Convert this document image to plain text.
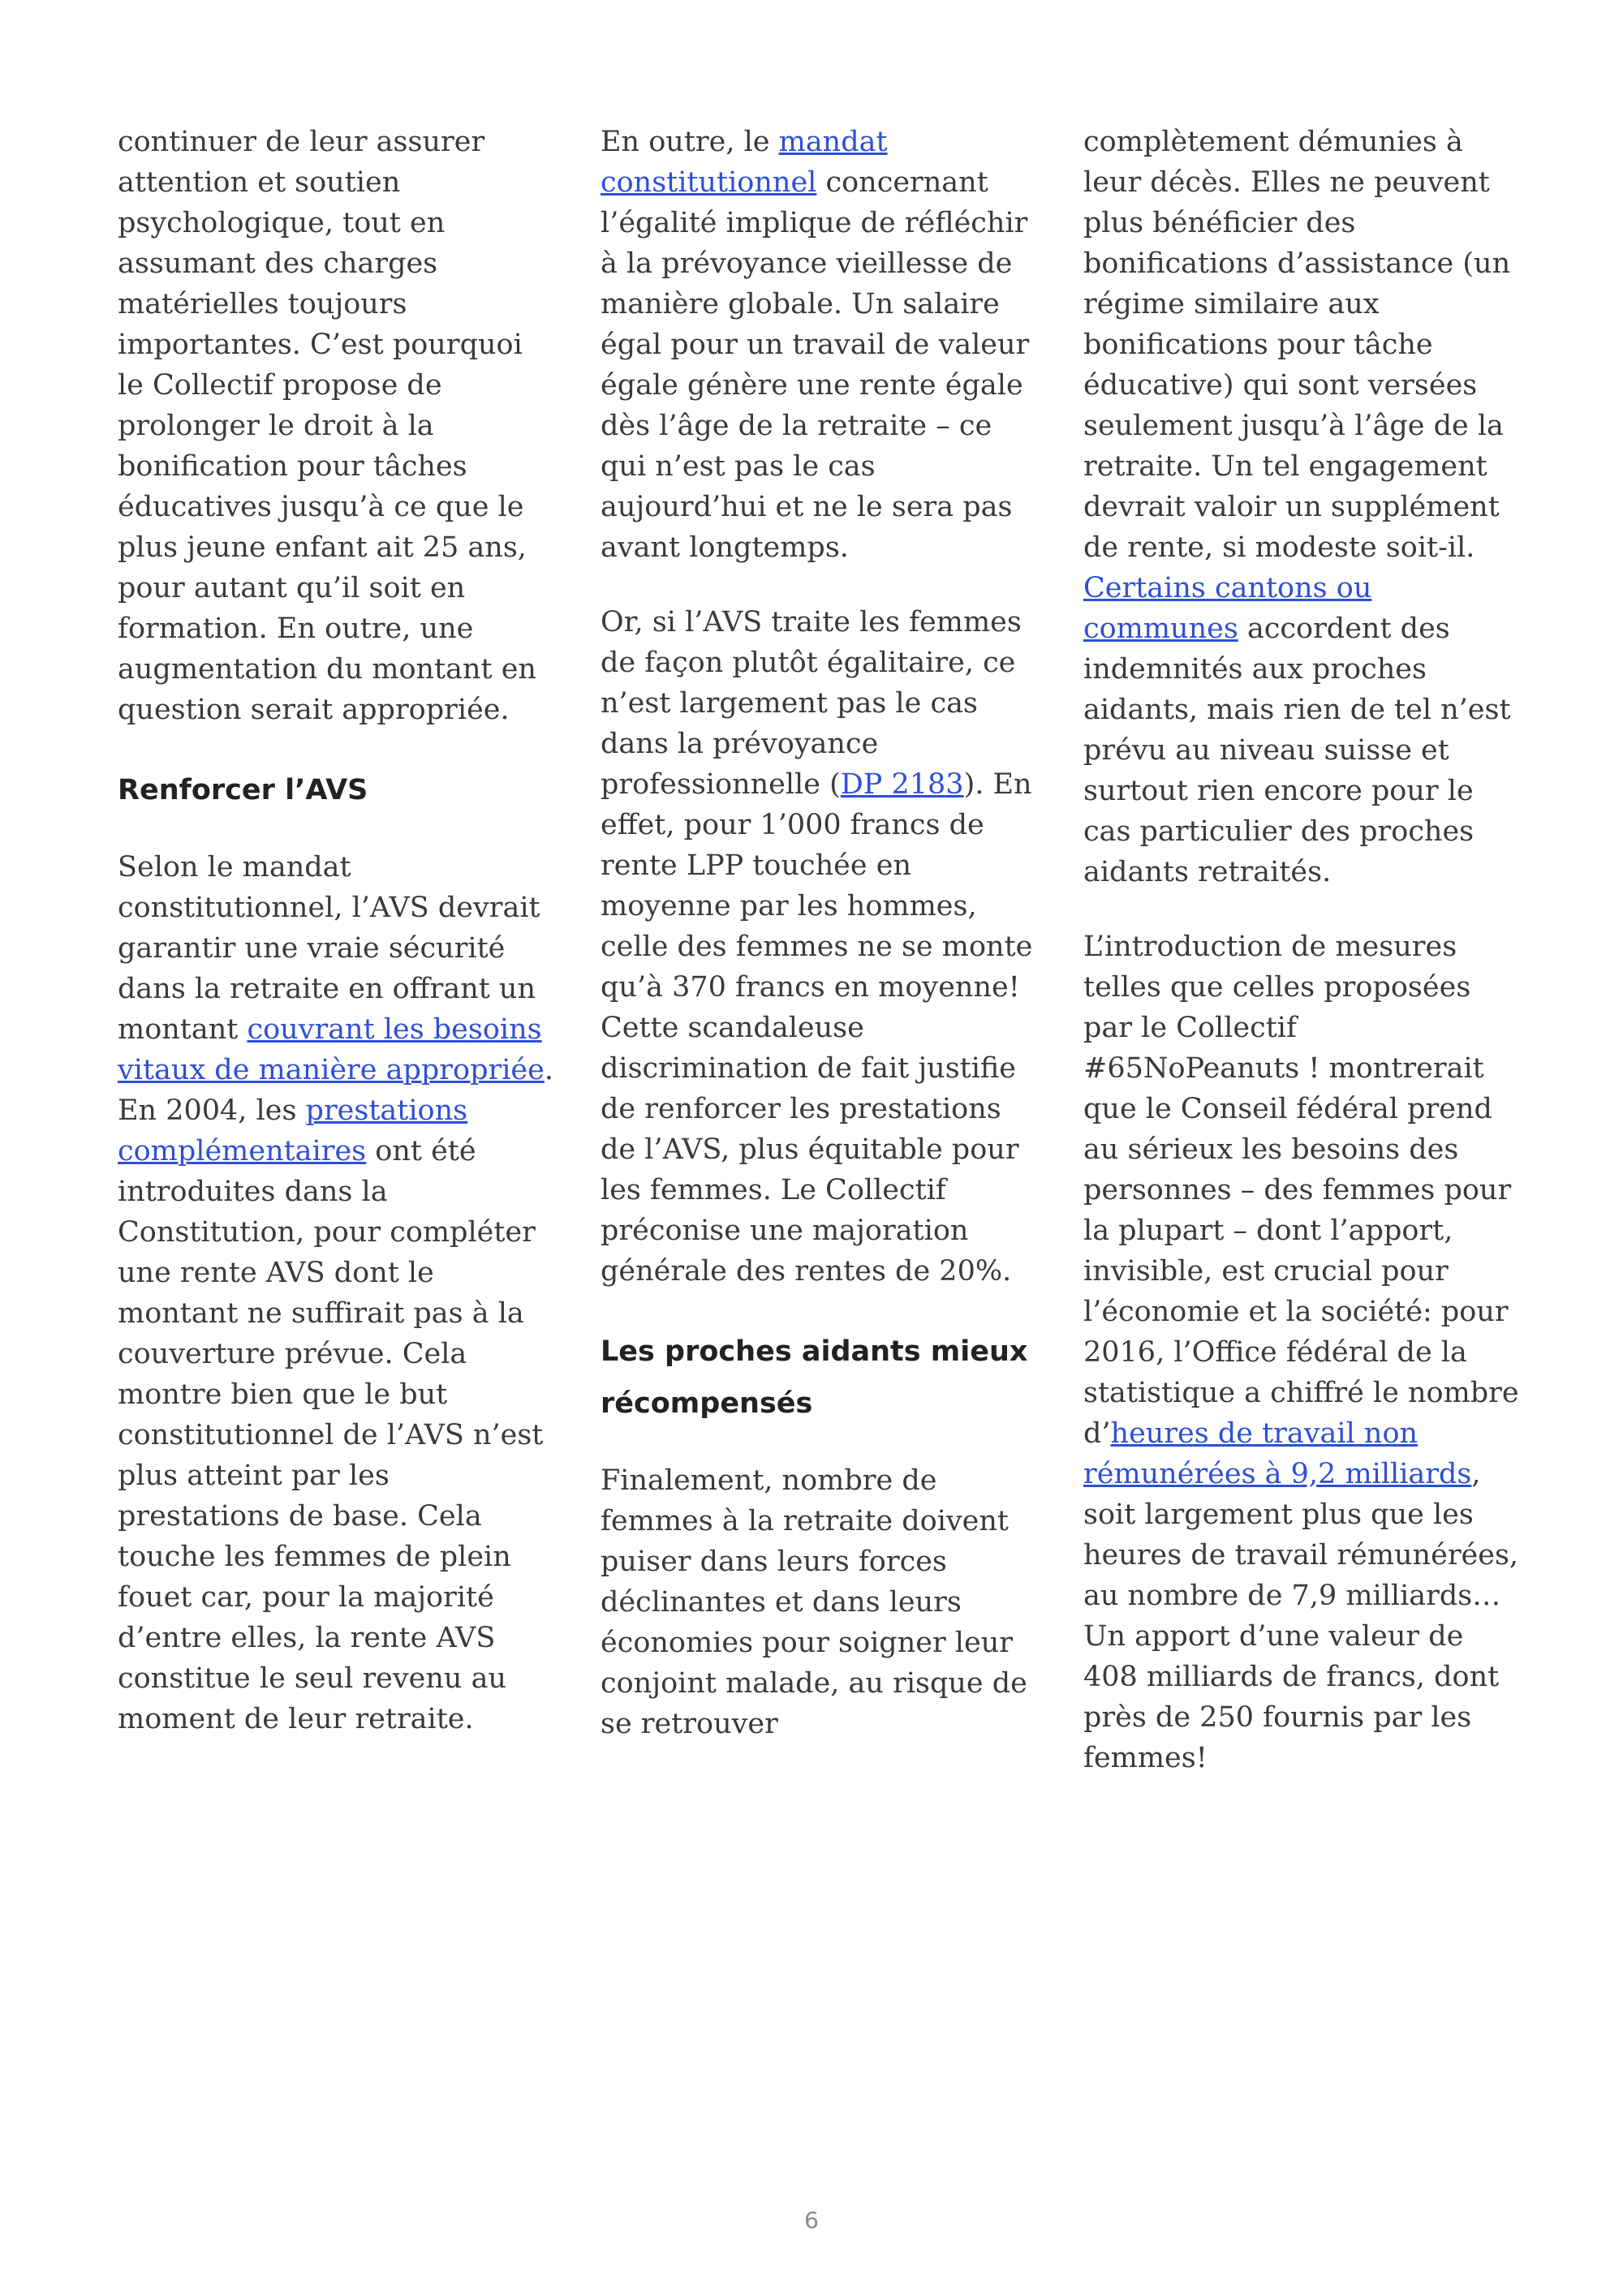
continuer de leur assurer attention et soutien psychologique, tout en assumant des charges matérielles toujours importantes. C’est pourquoi le Collectif propose de prolonger le droit à la bonification pour tâches éducatives jusqu’à ce que le plus jeune enfant ait 25 ans, pour autant qu’il soit en formation. En outre, une augmentation du montant en question serait appropriée.

Renforcer l’AVS

Selon le mandat constitutionnel, l’AVS devrait garantir une vraie sécurité dans la retraite en offrant un montant couvrant les besoins vitaux de manière appropriée. En 2004, les prestations complémentaires ont été introduites dans la Constitution, pour compléter une rente AVS dont le montant ne suffirait pas à la couverture prévue. Cela montre bien que le but constitutionnel de l’AVS n’est plus atteint par les prestations de base. Cela touche les femmes de plein fouet car, pour la majorité d’entre elles, la rente AVS constitue le seul revenu au moment de leur retraite.

En outre, le mandat constitutionnel concernant l’égalité implique de réfléchir à la prévoyance vieillesse de manière globale. Un salaire égal pour un travail de valeur égale génère une rente égale dès l’âge de la retraite – ce qui n’est pas le cas aujourd’hui et ne le sera pas avant longtemps.

Or, si l’AVS traite les femmes de façon plutôt égalitaire, ce n’est largement pas le cas dans la prévoyance professionnelle (DP 2183). En effet, pour 1’000 francs de rente LPP touchée en moyenne par les hommes, celle des femmes ne se monte qu’à 370 francs en moyenne! Cette scandaleuse discrimination de fait justifie de renforcer les prestations de l’AVS, plus équitable pour les femmes. Le Collectif préconise une majoration générale des rentes de 20%.

Les proches aidants mieux récompensés

Finalement, nombre de femmes à la retraite doivent puiser dans leurs forces déclinantes et dans leurs économies pour soigner leur conjoint malade, au risque de se retrouver

complètement démunies à leur décès. Elles ne peuvent plus bénéficier des bonifications d’assistance (un régime similaire aux bonifications pour tâche éducative) qui sont versées seulement jusqu’à l’âge de la retraite. Un tel engagement devrait valoir un supplément de rente, si modeste soit-il. Certains cantons ou communes accordent des indemnités aux proches aidants, mais rien de tel n’est prévu au niveau suisse et surtout rien encore pour le cas particulier des proches aidants retraités.

L’introduction de mesures telles que celles proposées par le Collectif #65NoPeanuts ! montrerait que le Conseil fédéral prend au sérieux les besoins des personnes – des femmes pour la plupart – dont l’apport, invisible, est crucial pour l’économie et la société: pour 2016, l’Office fédéral de la statistique a chiffré le nombre d’heures de travail non rémunérées à 9,2 milliards, soit largement plus que les heures de travail rémunérées, au nombre de 7,9 milliards… Un apport d’une valeur de 408 milliards de francs, dont près de 250 fournis par les femmes!

6
